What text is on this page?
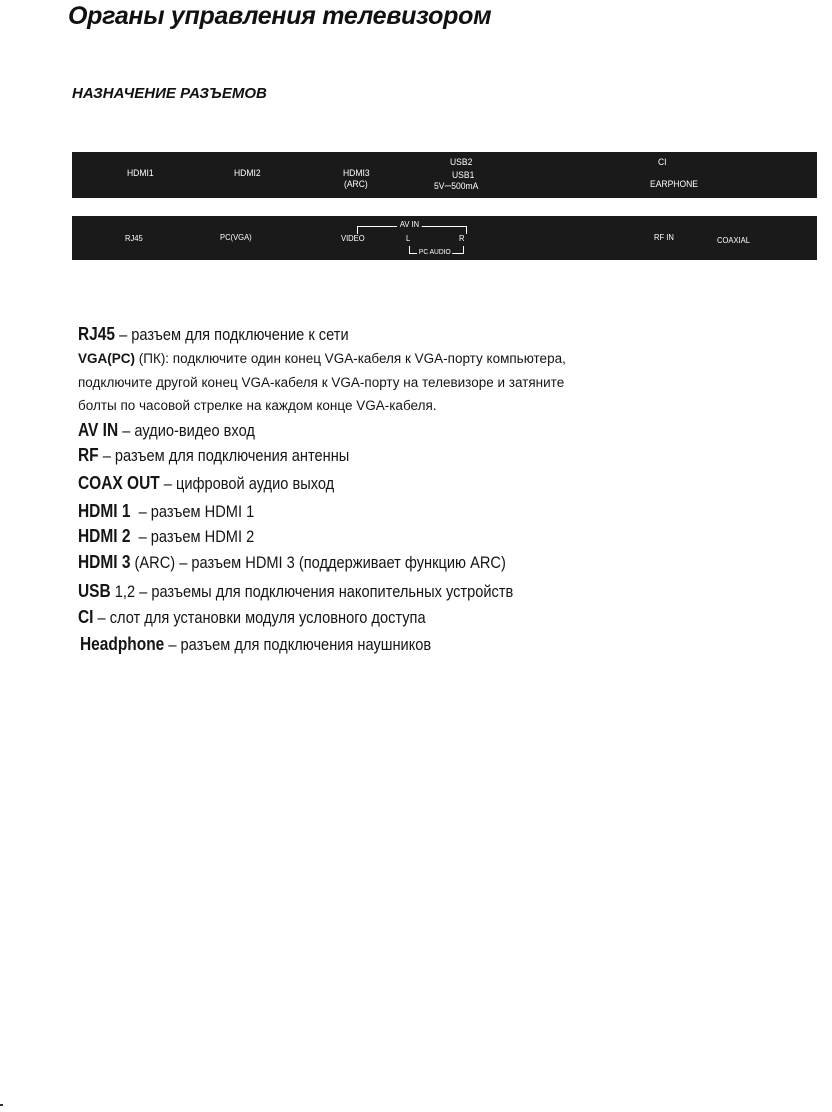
Органы управления телевизором
НАЗНАЧЕНИЕ РАЗЪЕМОВ
HDMI1	HDMI2	HDMI3
(ARC)
USB2
USB1
5V⎓500mA
CI
EARPHONE
RJ45	PC(VGA)
AV IN
VIDEO	L	R
PC AUDIO
RF IN	COAXIAL
RJ45 – разъем для подключение к сети
VGA(PC) (ПК): подключите один конец VGA-кабеля к VGA-порту компьютера,
подключите другой конец VGA-кабеля к VGA-порту на телевизоре и затяните
болты по часовой стрелке на каждом конце VGA-кабеля.
AV IN – аудио-видео вход
RF – разъем для подключения антенны
COAX OUT – цифровой аудио выход
HDMI 1  – разъем HDMI 1
HDMI 2  – разъем HDMI 2
HDMI 3 (ARC) – разъем HDMI 3 (поддерживает функцию ARC)
USB 1,2 – разъемы для подключения накопительных устройств
CI – слот для установки модуля условного доступа
Headphone – разъем для подключения наушников
